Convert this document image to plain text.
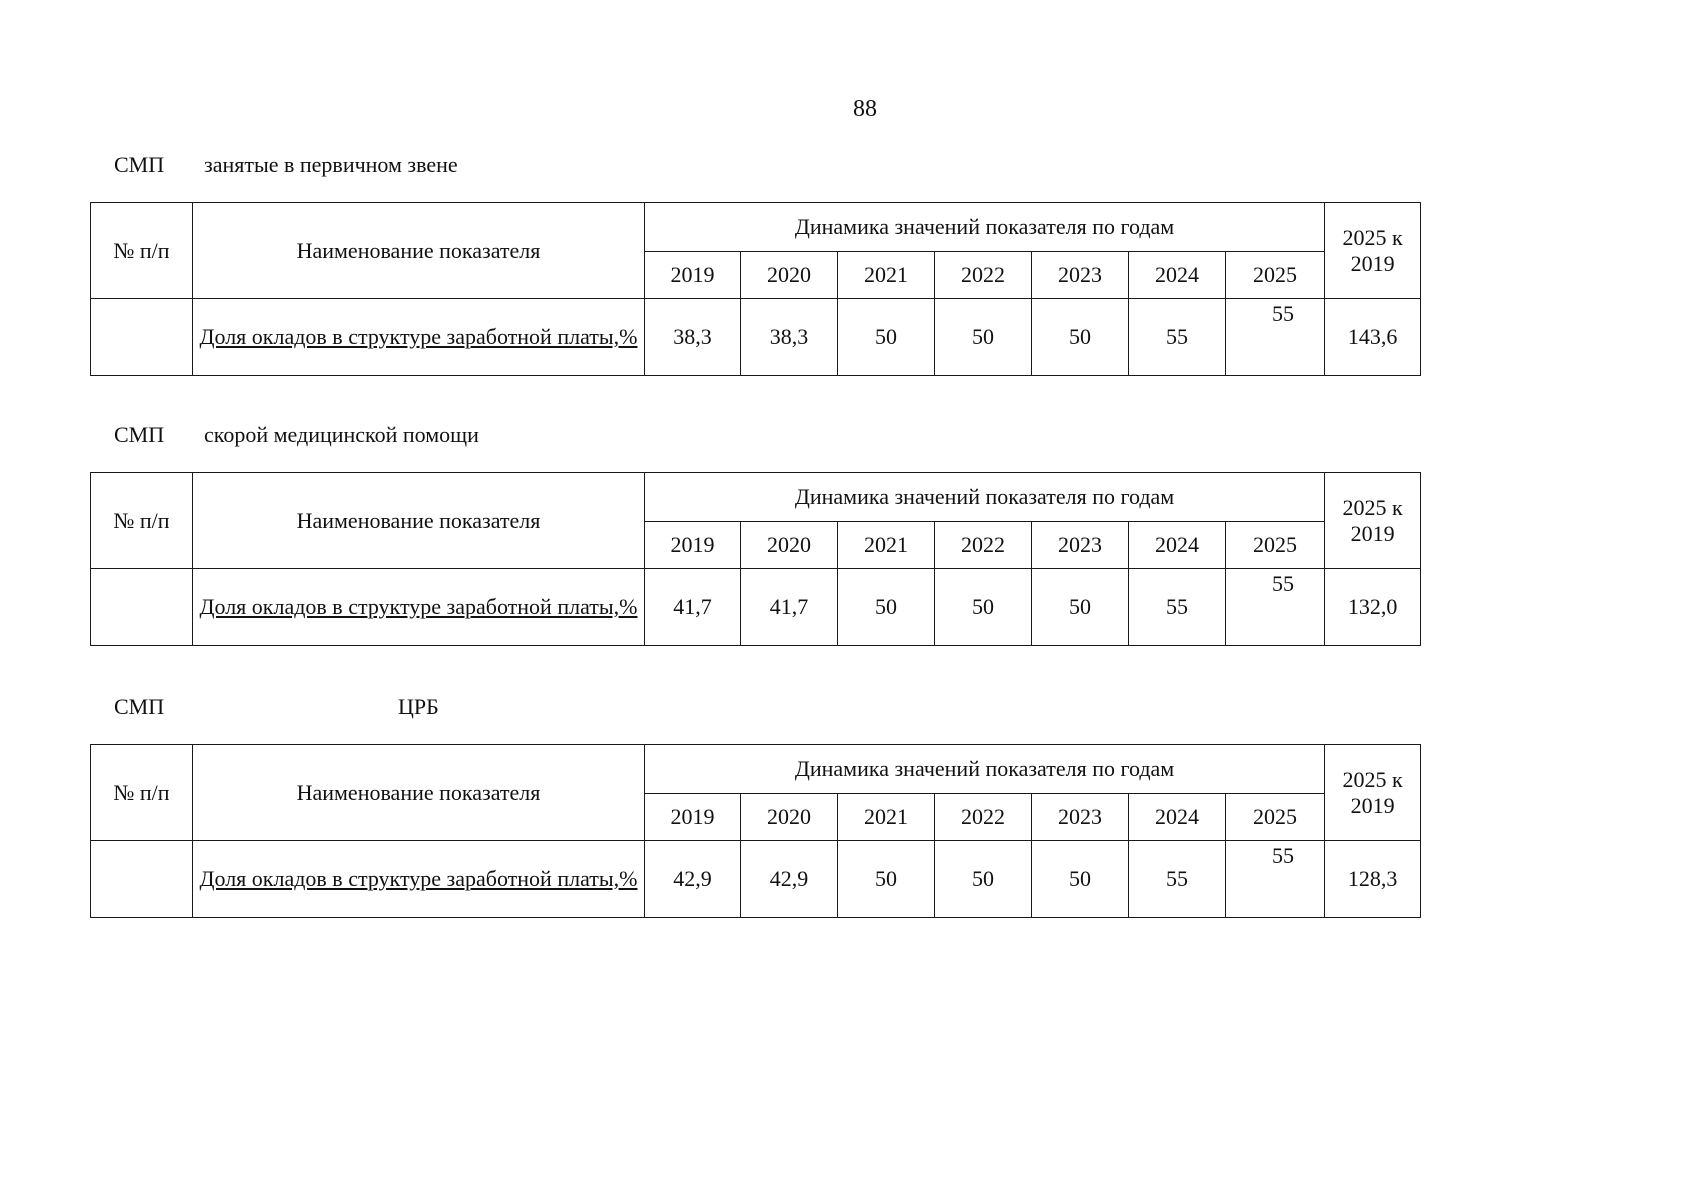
88
СМП занятые в первичном звене
№ п/п	Наименование показателя	Динамика значений показателя по годам							2025 к 2019
		2019	2020	2021	2022	2023	2024	2025	
	Доля окладов в структуре заработной платы,%	38,3	38,3	50	50	50	55	55	143,6
СМП скорой медицинской помощи
№ п/п	Наименование показателя	Динамика значений показателя по годам							2025 к 2019
		2019	2020	2021	2022	2023	2024	2025	
	Доля окладов в структуре заработной платы,%	41,7	41,7	50	50	50	55	55	132,0
СМП	ЦРБ
№ п/п	Наименование показателя	Динамика значений показателя по годам							2025 к 2019
		2019	2020	2021	2022	2023	2024	2025	
	Доля окладов в структуре заработной платы,%	42,9	42,9	50	50	50	55	55	128,3
